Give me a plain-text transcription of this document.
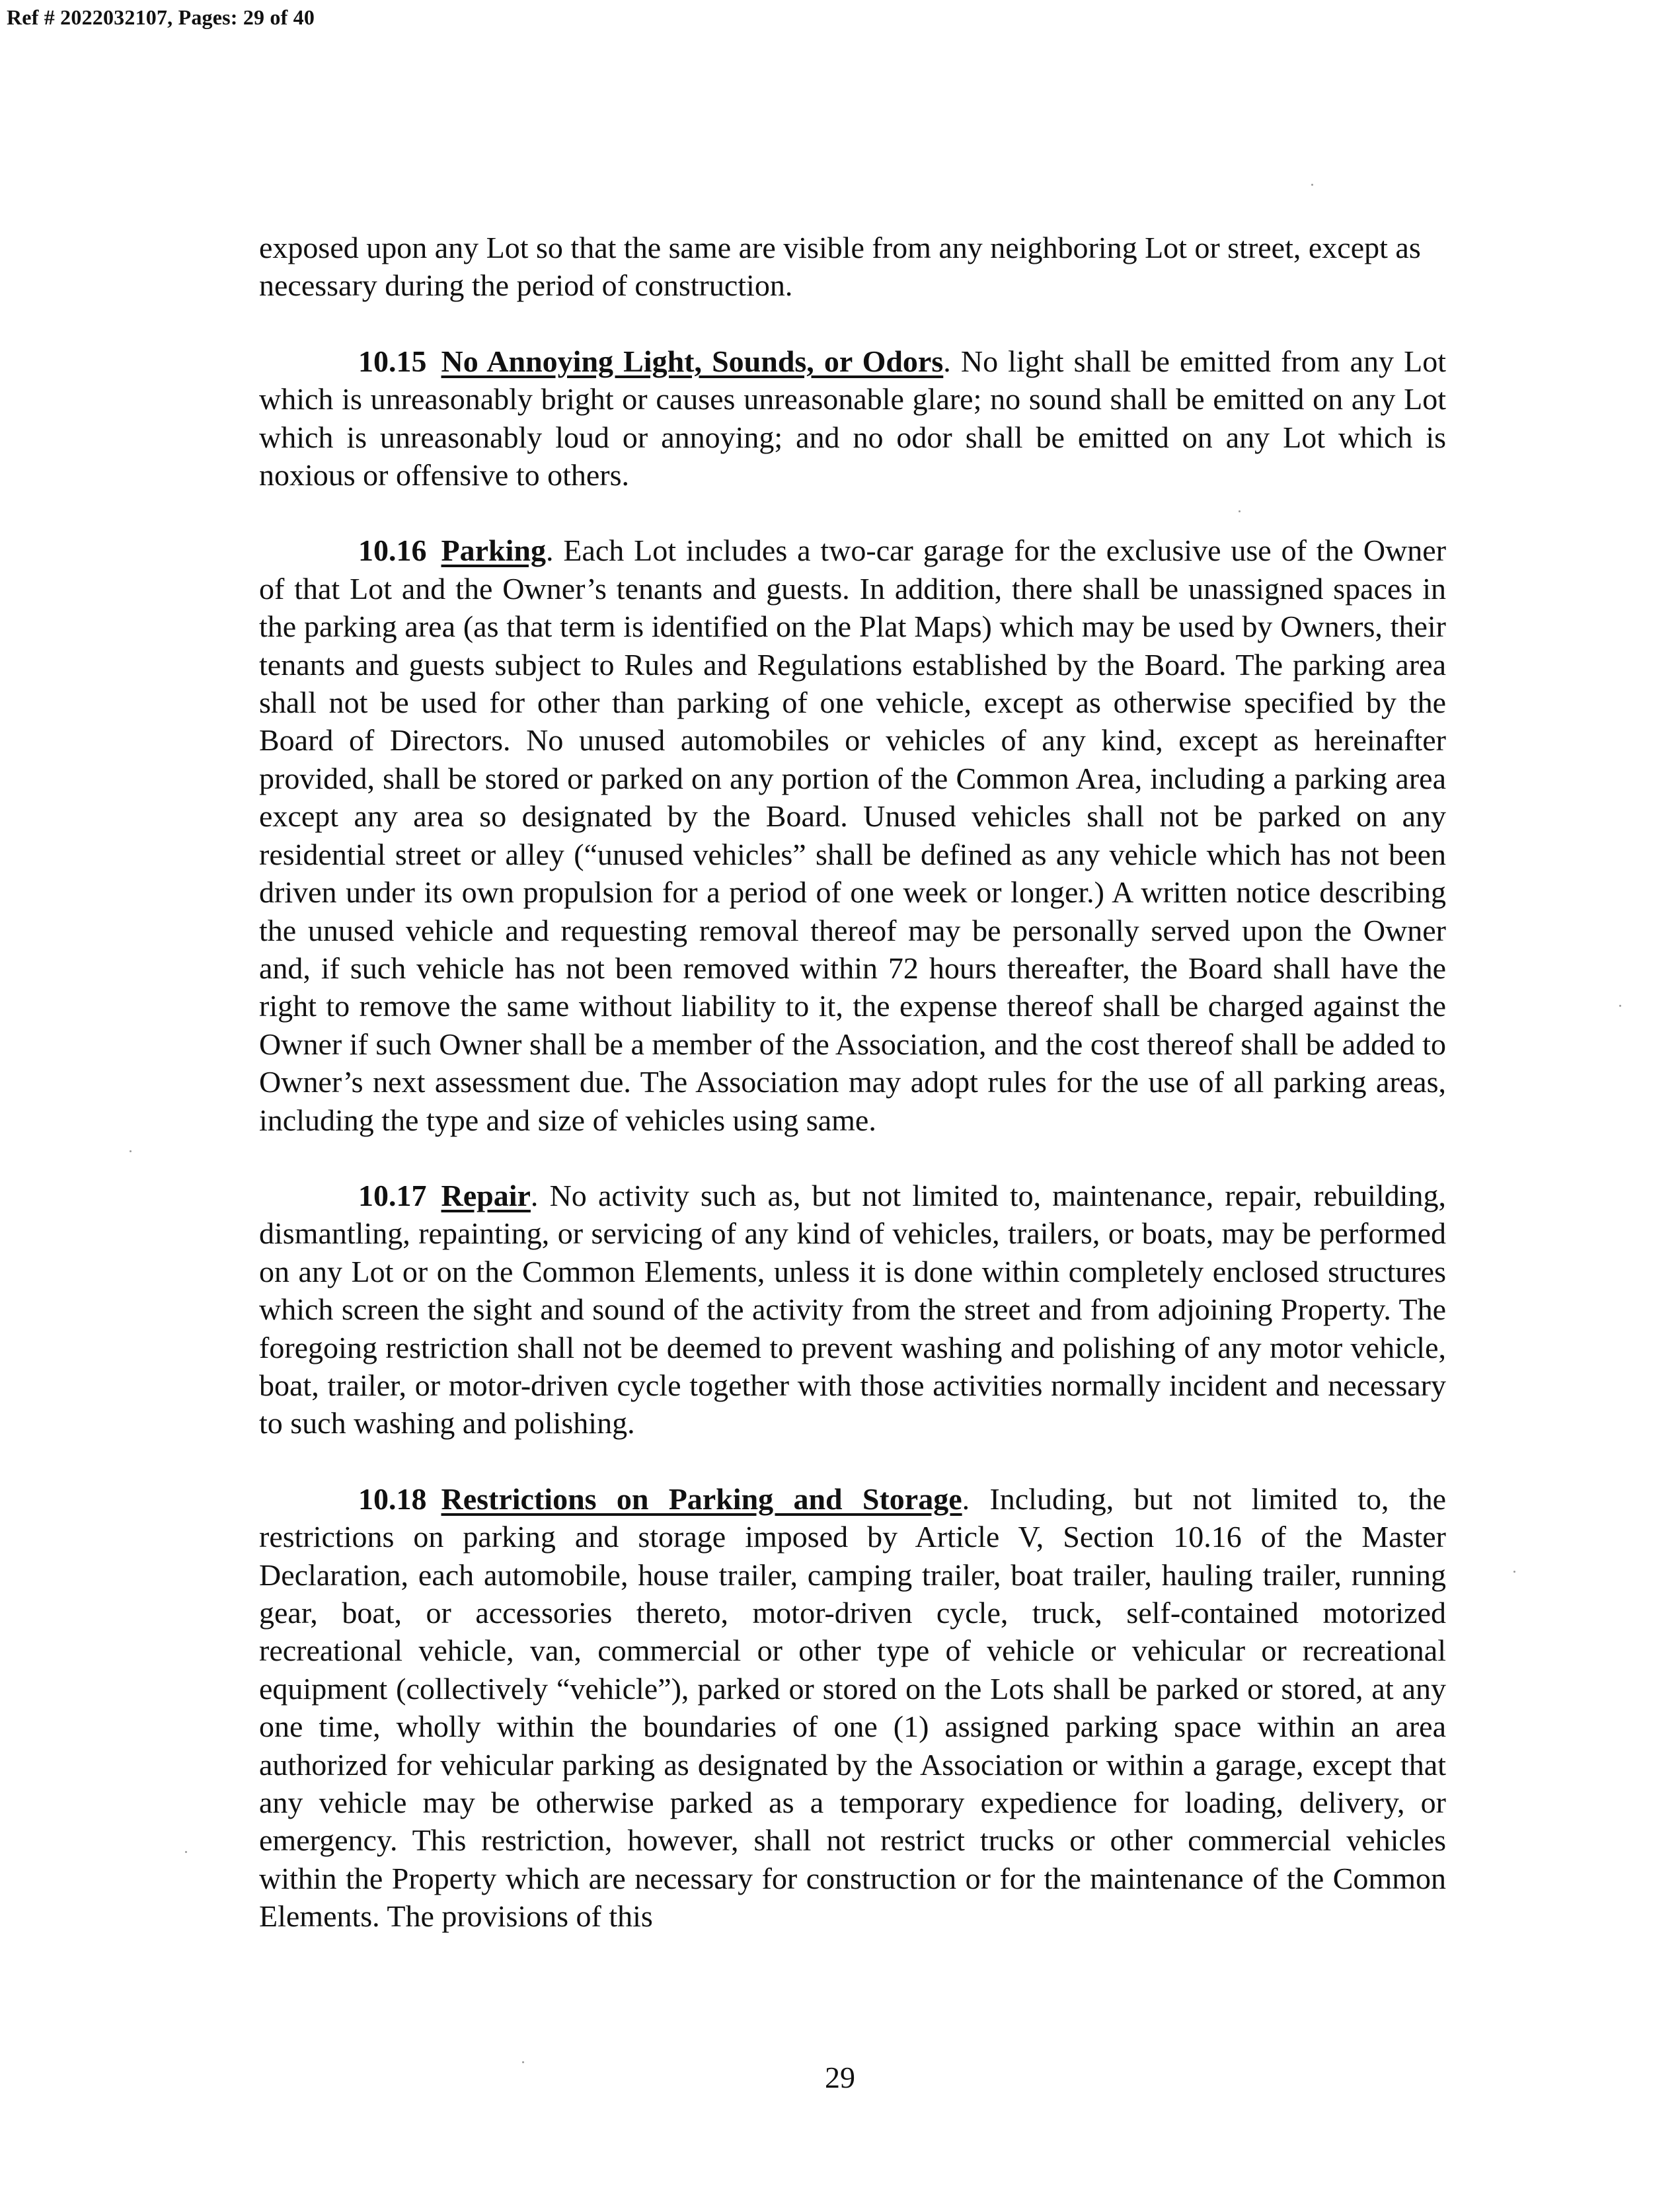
Ref # 2022032107, Pages: 29 of 40

exposed upon any Lot so that the same are visible from any neighboring Lot or street, except as necessary during the period of construction.

10.15 No Annoying Light, Sounds, or Odors. No light shall be emitted from any Lot which is unreasonably bright or causes unreasonable glare; no sound shall be emitted on any Lot which is unreasonably loud or annoying; and no odor shall be emitted on any Lot which is noxious or offensive to others.

10.16 Parking. Each Lot includes a two-car garage for the exclusive use of the Owner of that Lot and the Owner’s tenants and guests. In addition, there shall be unassigned spaces in the parking area (as that term is identified on the Plat Maps) which may be used by Owners, their tenants and guests subject to Rules and Regulations established by the Board. The parking area shall not be used for other than parking of one vehicle, except as otherwise specified by the Board of Directors. No unused automobiles or vehicles of any kind, except as hereinafter provided, shall be stored or parked on any portion of the Common Area, including a parking area except any area so designated by the Board. Unused vehicles shall not be parked on any residential street or alley (“unused vehicles” shall be defined as any vehicle which has not been driven under its own propulsion for a period of one week or longer.) A written notice describing the unused vehicle and requesting removal thereof may be personally served upon the Owner and, if such vehicle has not been removed within 72 hours thereafter, the Board shall have the right to remove the same without liability to it, the expense thereof shall be charged against the Owner if such Owner shall be a member of the Association, and the cost thereof shall be added to Owner’s next assessment due. The Association may adopt rules for the use of all parking areas, including the type and size of vehicles using same.

10.17 Repair. No activity such as, but not limited to, maintenance, repair, rebuilding, dismantling, repainting, or servicing of any kind of vehicles, trailers, or boats, may be performed on any Lot or on the Common Elements, unless it is done within completely enclosed structures which screen the sight and sound of the activity from the street and from adjoining Property. The foregoing restriction shall not be deemed to prevent washing and polishing of any motor vehicle, boat, trailer, or motor-driven cycle together with those activities normally incident and necessary to such washing and polishing.

10.18 Restrictions on Parking and Storage. Including, but not limited to, the restrictions on parking and storage imposed by Article V, Section 10.16 of the Master Declaration, each automobile, house trailer, camping trailer, boat trailer, hauling trailer, running gear, boat, or accessories thereto, motor-driven cycle, truck, self-contained motorized recreational vehicle, van, commercial or other type of vehicle or vehicular or recreational equipment (collectively “vehicle”), parked or stored on the Lots shall be parked or stored, at any one time, wholly within the boundaries of one (1) assigned parking space within an area authorized for vehicular parking as designated by the Association or within a garage, except that any vehicle may be otherwise parked as a temporary expedience for loading, delivery, or emergency. This restriction, however, shall not restrict trucks or other commercial vehicles within the Property which are necessary for construction or for the maintenance of the Common Elements. The provisions of this

29
